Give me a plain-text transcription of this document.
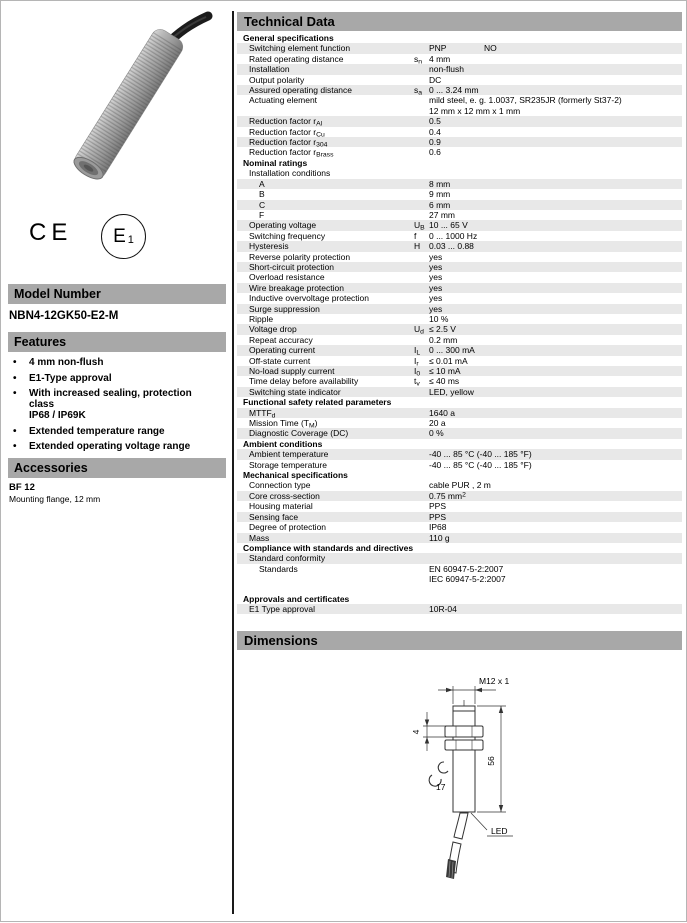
CE E 1
Model Number
NBN4-12GK50-E2-M
Features
•	4 mm non-flush
•	E1-Type approval
•	With increased sealing, protection
class
IP68 / IP69K
•	Extended temperature range
•	Extended operating voltage range
Accessories
BF 12
Mounting flange, 12 mm
Technical Data
General specifications
Switching element function	PNP	NO
Rated operating distance	$s_n$ 4 mm
Installation	non-flush
Output polarity	DC
Assured operating distance	$s_a$ 0 ... 3.24 mm
Actuating element	mild steel, e. g. 1.0037, SR235JR (formerly St37-2)
12 mm x 12 mm x 1 mm
Reduction factor $r_{Al}$	0.5
Reduction factor $r_{Cu}$	0.4
Reduction factor $r_{304}$	0.9
Reduction factor $r_{Brass}$	0.6
Nominal ratings
Installation conditions
A	8 mm
B	9 mm
C	6 mm
F	27 mm
Operating voltage	$U_B$ 10 ... 65 V
Switching frequency	f	0 ... 1000 Hz
Hysteresis	H	0.03 ... 0.88
Reverse polarity protection	yes
Short-circuit protection	yes
Overload resistance	yes
Wire breakage protection	yes
Inductive overvoltage protection	yes
Surge suppression	yes
Ripple	10 %
Voltage drop	$U_d \le 2.5$ V
Repeat accuracy	0.2 mm
Operating current	$I_L$	0 ... 300 mA
Off-state current	$I_r$	≤ 0.01 mA
No-load supply current	$I_0$	≤ 10 mA
Time delay before availability	$t_v$	≤ 40 ms
Switching state indicator	LED, yellow
Functional safety related parameters
$MTTF_d$	1640 a
Mission Time $(T_M)$	20 a
Diagnostic Coverage (DC)	0 %
Ambient conditions
Ambient temperature	-40 ... 85 °C (-40 ... 185 °F)
Storage temperature	-40 ... 85 °C (-40 ... 185 °F)
Mechanical specifications
Connection type	cable PUR , 2 m
Core cross-section	0.75 $mm^2$
Housing material	PPS
Sensing face	PPS
Degree of protection	IP68
Mass	110 g
Compliance with standards and directives
Standard conformity
Standards	EN 60947-5-2:2007
IEC 60947-5-2:2007
Approvals and certificates
E1 Type approval	10R-04
Dimensions
M12 x 1
LED
17
56
4
